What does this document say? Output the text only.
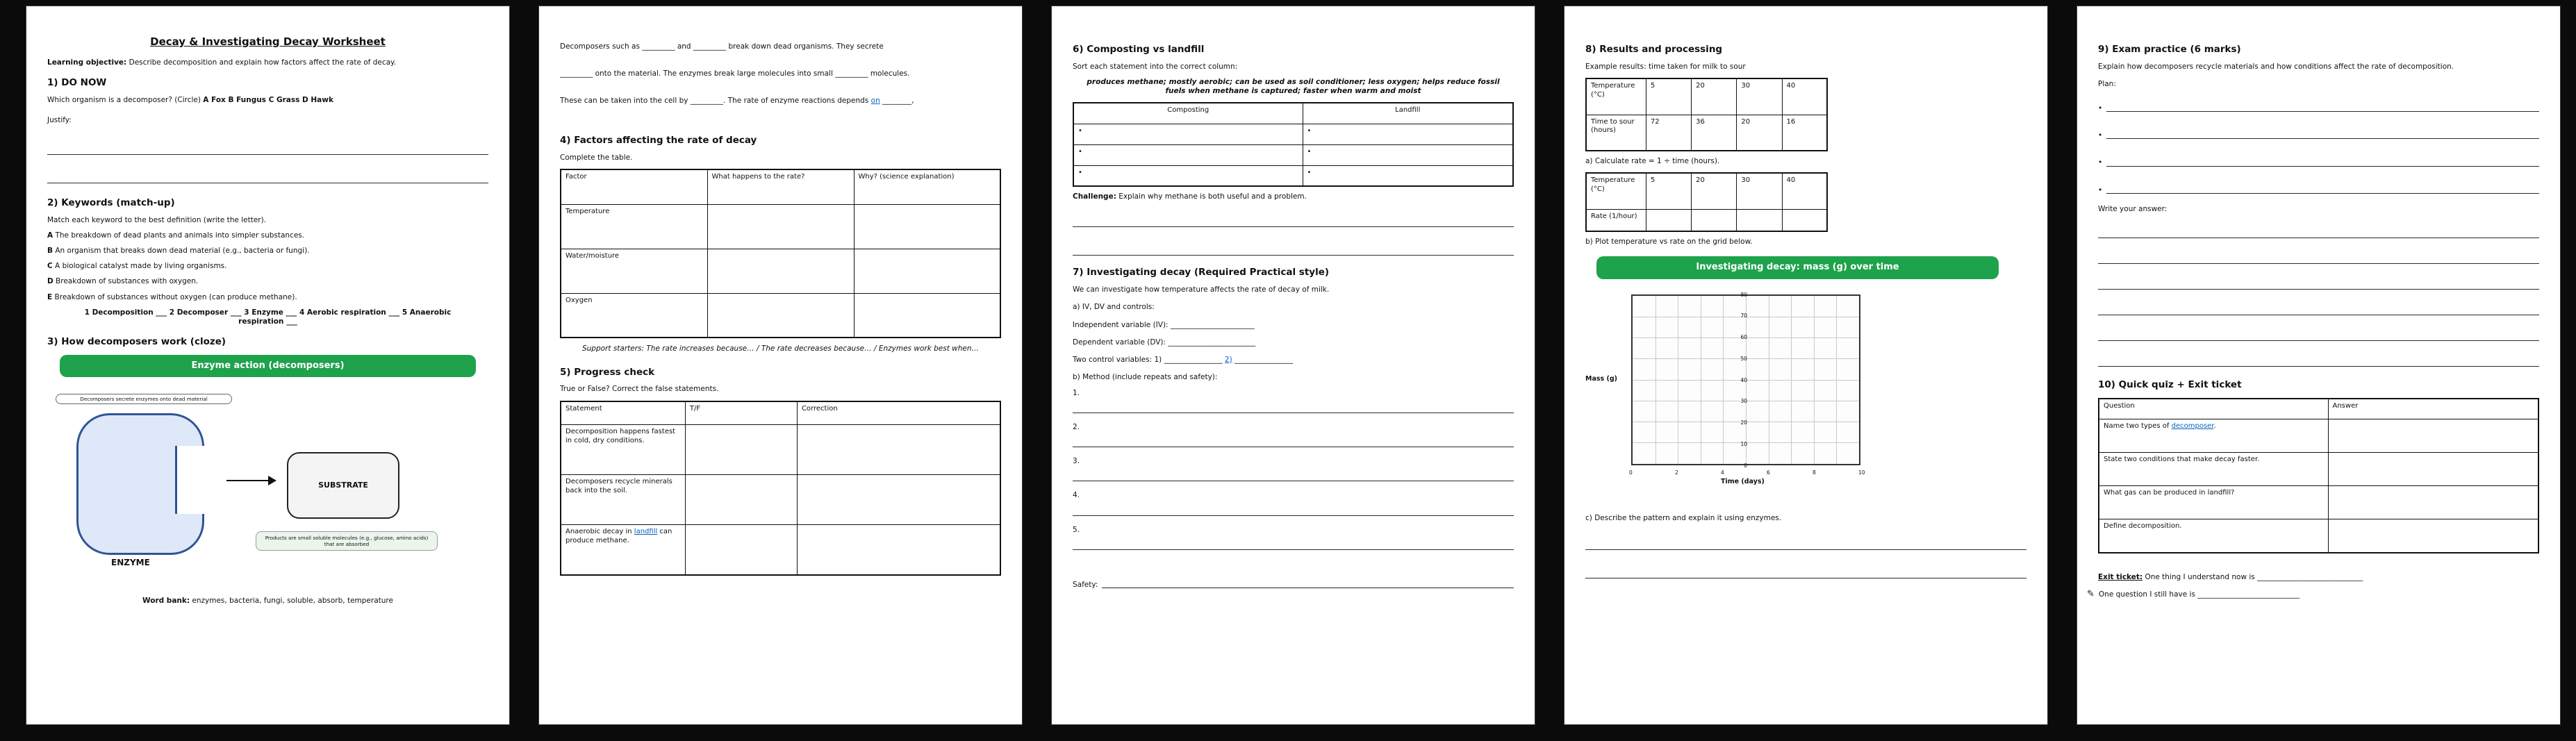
Decay & Investigating Decay Worksheet
Learning objective: Describe decomposition and explain how factors affect the rate of decay.
1) DO NOW
Which organism is a decomposer? (Circle) A Fox B Fungus C Grass D Hawk
Justify:
2) Keywords (match-up)
Match each keyword to the best definition (write the letter).
A The breakdown of dead plants and animals into simpler substances.
B An organism that breaks down dead material (e.g., bacteria or fungi).
C A biological catalyst made by living organisms.
D Breakdown of substances with oxygen.
E Breakdown of substances without oxygen (can produce methane).
1 Decomposition ___ 2 Decomposer ___ 3 Enzyme ___ 4 Aerobic respiration ___ 5 Anaerobic respiration ___
3) How decomposers work (cloze)
Enzyme action (decomposers)
Decomposers secrete enzymes onto dead material
ENZYME
SUBSTRATE
Products are small soluble molecules (e.g., glucose, amino acids) that are absorbed
Word bank: enzymes, bacteria, fungi, soluble, absorb, temperature
Decomposers such as _________ and _________ break down dead organisms. They secrete
_________ onto the material. The enzymes break large molecules into small _________ molecules.
These can be taken into the cell by _________. The rate of enzyme reactions depends on ________,
4) Factors affecting the rate of decay
Complete the table.
Factor	What happens to the rate?	Why? (science explanation)
Temperature		
Water/moisture		
Oxygen		
Support starters: The rate increases because… / The rate decreases because… / Enzymes work best when…
5) Progress check
True or False? Correct the false statements.
Statement	T/F	Correction
Decomposition happens fastest in cold, dry conditions.		
Decomposers recycle minerals back into the soil.		
Anaerobic decay in landfill can produce methane.		
6) Composting vs landfill
Sort each statement into the correct column:
produces methane; mostly aerobic; can be used as soil conditioner; less oxygen; helps reduce fossil fuels when methane is captured; faster when warm and moist
Composting	Landfill
•	•
•	•
•	•
Challenge: Explain why methane is both useful and a problem.
7) Investigating decay (Required Practical style)
We can investigate how temperature affects the rate of decay of milk.
a) IV, DV and controls:
Independent variable (IV): _______________________
Dependent variable (DV): ________________________
Two control variables: 1) ________________ 2) ________________
b) Method (include repeats and safety):
1.
2.
3.
4.
5.
Safety:
8) Results and processing
Example results: time taken for milk to sour
Temperature (°C)	5	20	30	40
Time to sour (hours)	72	36	20	16
a) Calculate rate = 1 ÷ time (hours).
Temperature (°C)	5	20	30	40
Rate (1/hour)				
b) Plot temperature vs rate on the grid below.
Investigating decay: mass (g) over time
Mass (g)
0
10
20
30
40
50
60
70
80
0	2	4	6	8	10
Time (days)
c) Describe the pattern and explain it using enzymes.
9) Exam practice (6 marks)
Explain how decomposers recycle materials and how conditions affect the rate of decomposition.
Plan:
•
•
•
•
Write your answer:
10) Quick quiz + Exit ticket
Question	Answer
Name two types of decomposer.	
State two conditions that make decay faster.	
What gas can be produced in landfill?	
Define decomposition.	
Exit ticket: One thing I understand now is _____________________________
✎ One question I still have is ____________________________
